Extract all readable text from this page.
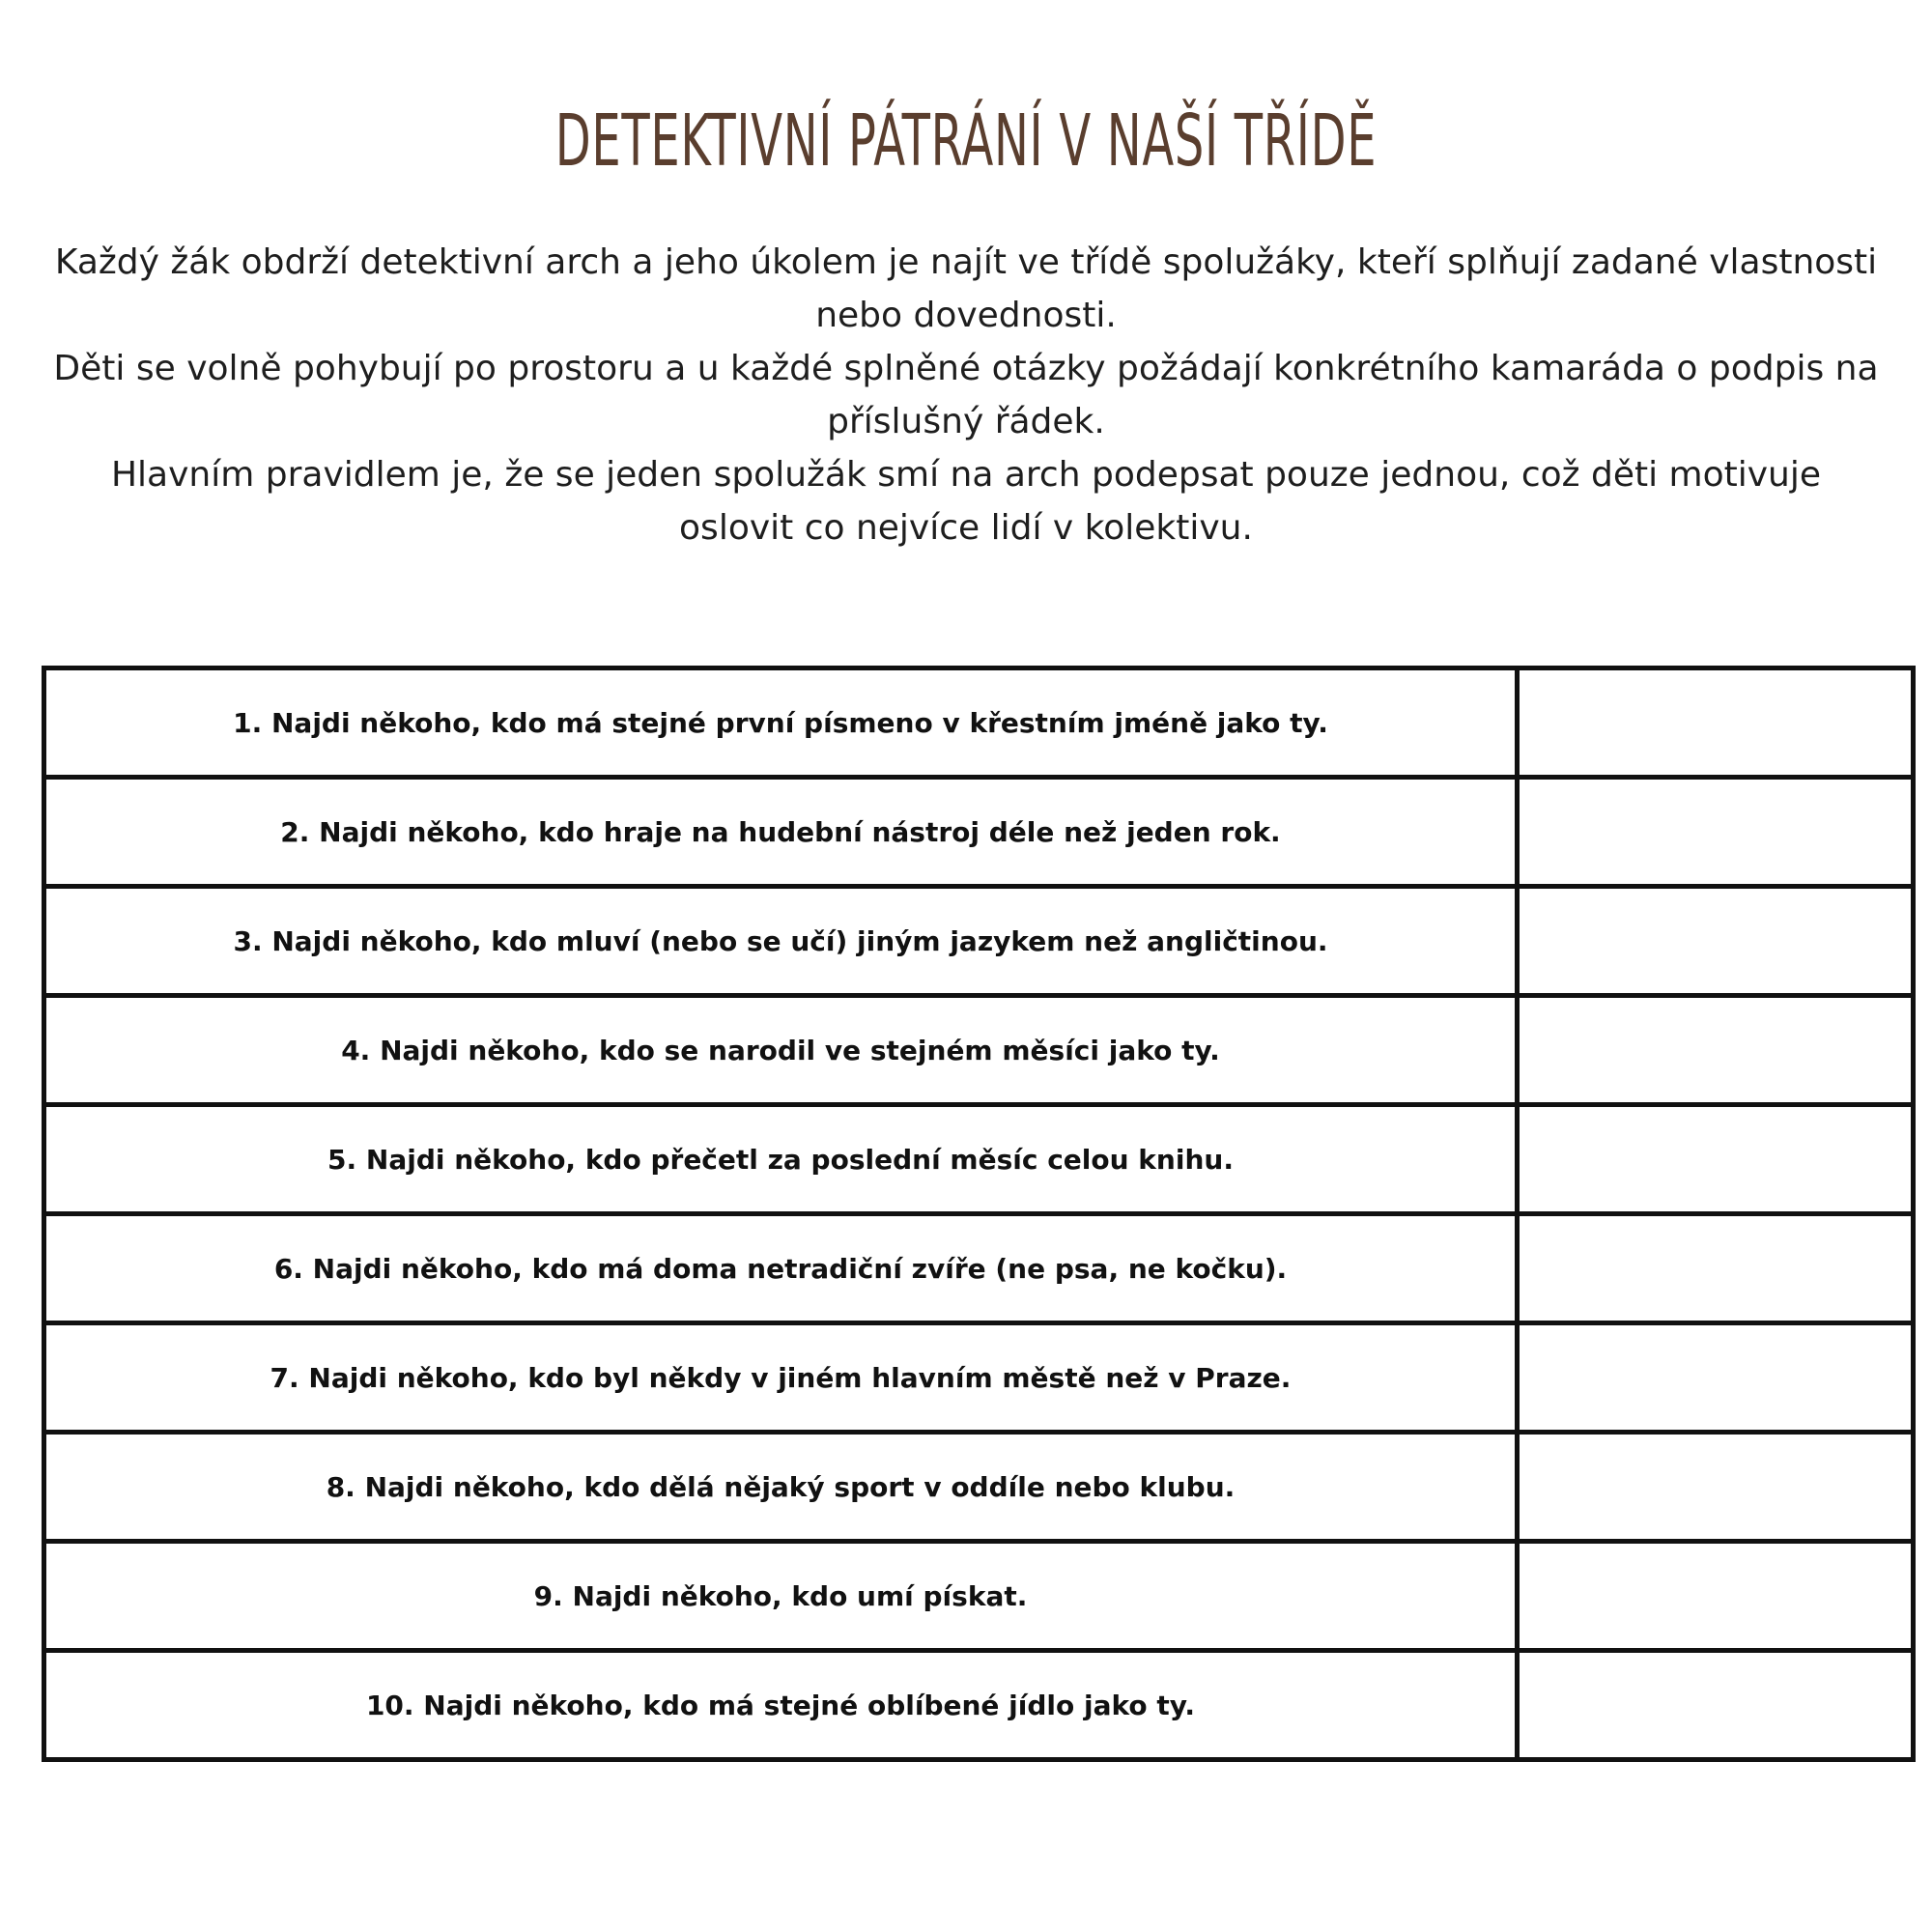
DETEKTIVNÍ PÁTRÁNÍ V NAŠÍ TŘÍDĚ

Každý žák obdrží detektivní arch a jeho úkolem je najít ve třídě spolužáky, kteří splňují zadané vlastnosti nebo dovednosti.

Děti se volně pohybují po prostoru a u každé splněné otázky požádají konkrétního kamaráda o podpis na příslušný řádek.

Hlavním pravidlem je, že se jeden spolužák smí na arch podepsat pouze jednou, což děti motivuje oslovit co nejvíce lidí v kolektivu.

1. Najdi někoho, kdo má stejné první písmeno v křestním jméně jako ty.	
2. Najdi někoho, kdo hraje na hudební nástroj déle než jeden rok.	
3. Najdi někoho, kdo mluví (nebo se učí) jiným jazykem než angličtinou.	
4. Najdi někoho, kdo se narodil ve stejném měsíci jako ty.	
5. Najdi někoho, kdo přečetl za poslední měsíc celou knihu.	
6. Najdi někoho, kdo má doma netradiční zvíře (ne psa, ne kočku).	
7. Najdi někoho, kdo byl někdy v jiném hlavním městě než v Praze.	
8. Najdi někoho, kdo dělá nějaký sport v oddíle nebo klubu.	
9. Najdi někoho, kdo umí pískat.	
10. Najdi někoho, kdo má stejné oblíbené jídlo jako ty.	
